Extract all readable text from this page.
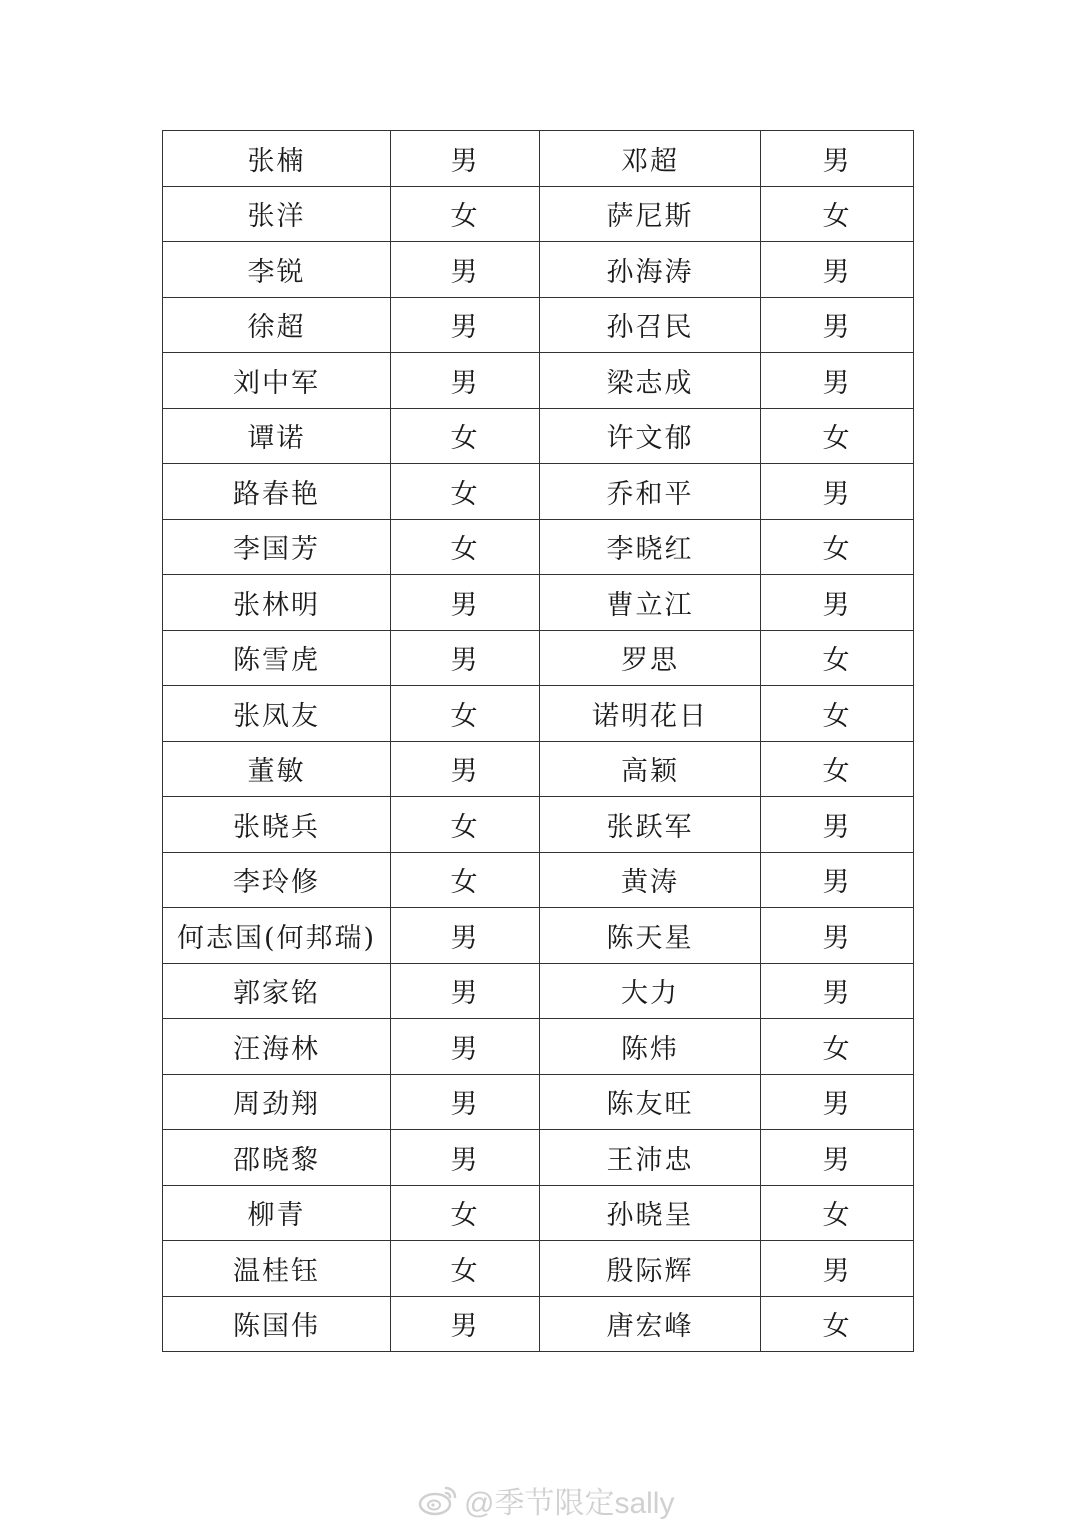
张楠	男	邓超	男
张洋	女	萨尼斯	女
李锐	男	孙海涛	男
徐超	男	孙召民	男
刘中军	男	梁志成	男
谭诺	女	许文郁	女
路春艳	女	乔和平	男
李国芳	女	李晓红	女
张林明	男	曹立江	男
陈雪虎	男	罗思	女
张凤友	女	诺明花日	女
董敏	男	高颖	女
张晓兵	女	张跃军	男
李玲修	女	黄涛	男
何志国(何邦瑞)	男	陈天星	男
郭家铭	男	大力	男
汪海林	男	陈炜	女
周劲翔	男	陈友旺	男
邵晓黎	男	王沛忠	男
柳青	女	孙晓呈	女
温桂钰	女	殷际辉	男
陈国伟	男	唐宏峰	女
@季节限定sally
